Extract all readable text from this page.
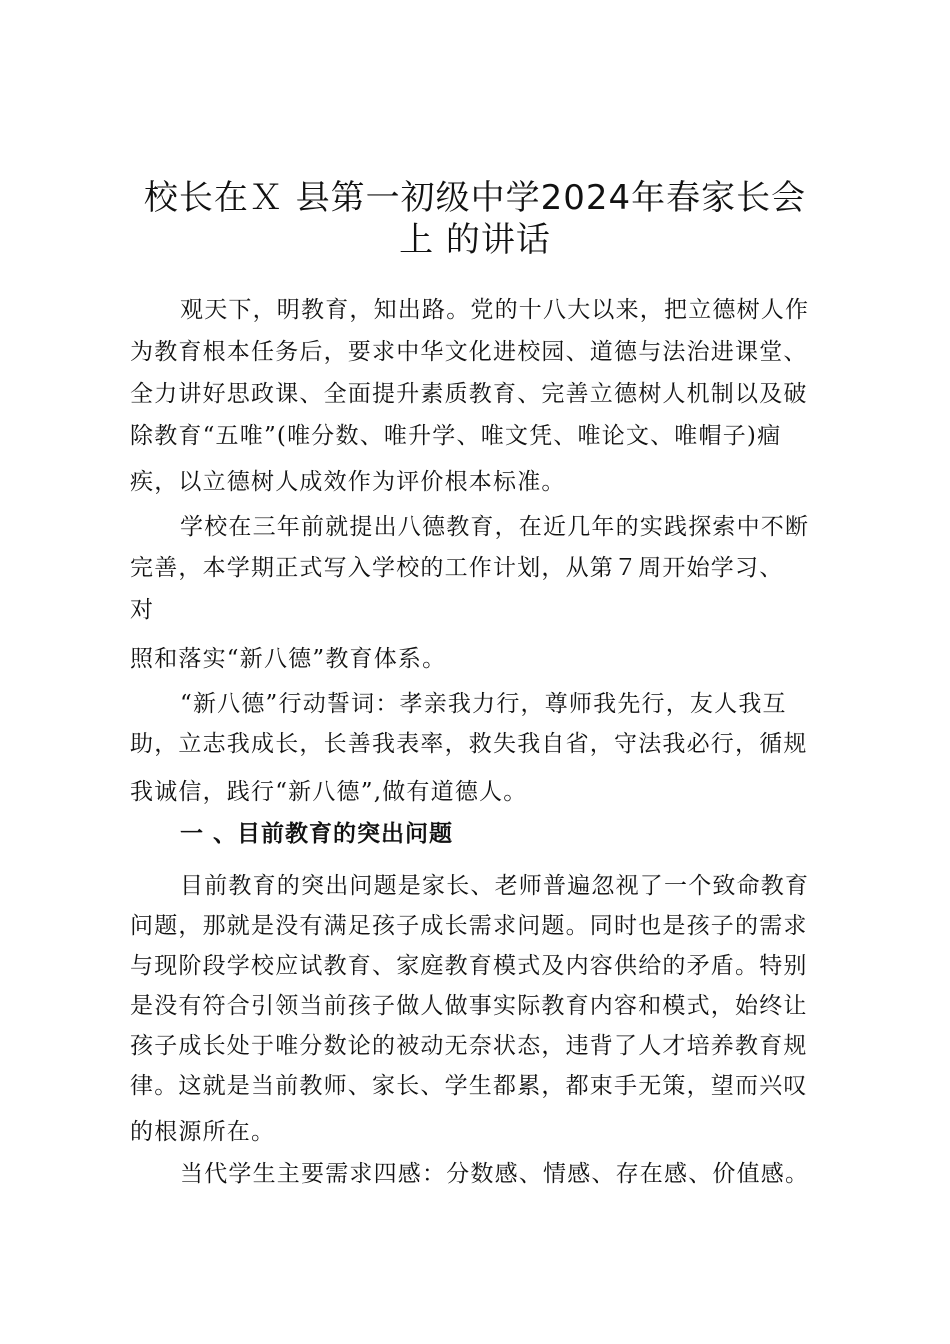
校长在Ｘ 县第一初级中学2024年春家长会
上 的讲话
观天下，明教育，知出路。党的十八大以来，把立德树人作
为教育根本任务后，要求中华文化进校园、道德与法治进课堂、
全力讲好思政课、全面提升素质教育、完善立德树人机制以及破
除教育“五唯”(唯分数、唯升学、唯文凭、唯论文、唯帽子)痼
疾，以立德树人成效作为评价根本标准。
学校在三年前就提出八德教育，在近几年的实践探索中不断
完善，本学期正式写入学校的工作计划，从第７周开始学习、
对
照和落实“新八德”教育体系。
“新八德”行动誓词：孝亲我力行，尊师我先行，友人我互
助，立志我成长，长善我表率，救失我自省，守法我必行，循规
我诚信，践行“新八德”,做有道德人。
一 、目前教育的突出问题
目前教育的突出问题是家长、老师普遍忽视了一个致命教育
问题，那就是没有满足孩子成长需求问题。同时也是孩子的需求
与现阶段学校应试教育、家庭教育模式及内容供给的矛盾。特别
是没有符合引领当前孩子做人做事实际教育内容和模式，始终让
孩子成长处于唯分数论的被动无奈状态，违背了人才培养教育规
律。这就是当前教师、家长、学生都累，都束手无策，望而兴叹
的根源所在。
当代学生主要需求四感：分数感、情感、存在感、价值感。
